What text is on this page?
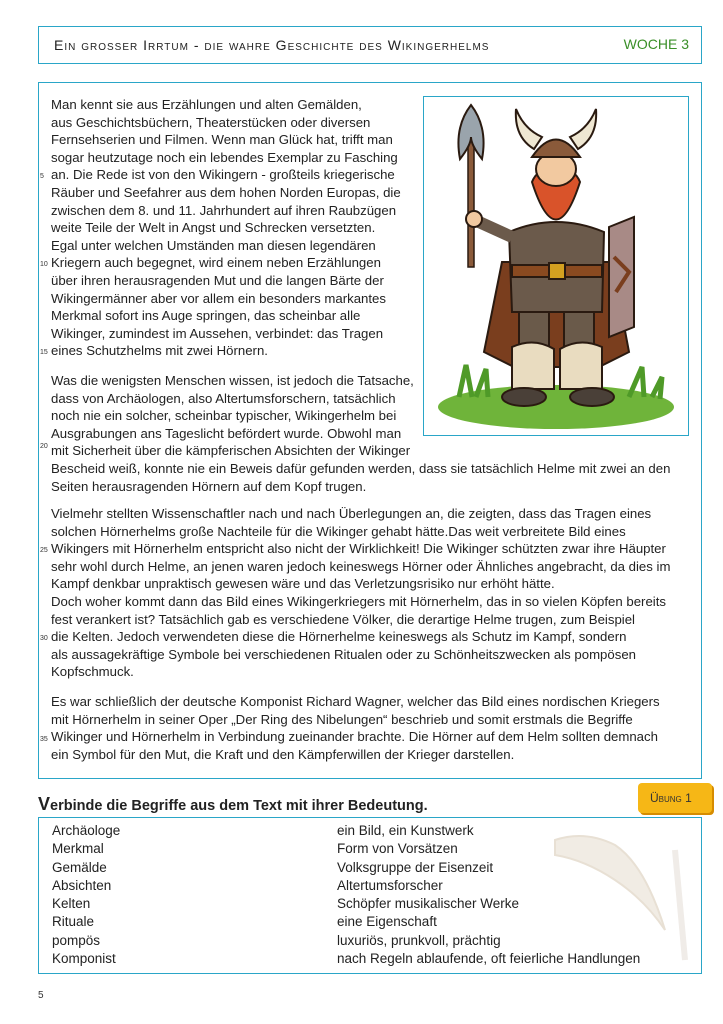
Ein grosser Irrtum - die wahre Geschichte des Wikingerhelms	WOCHE 3
Man kennt sie aus Erzählungen und alten Gemälden,
aus Geschichtsbüchern, Theaterstücken oder diversen
Fernsehserien und Filmen. Wenn man Glück hat, trifft man
sogar heutzutage noch ein lebendes Exemplar zu Fasching
an. Die Rede ist von den Wikingern - großteils kriegerische
Räuber und Seefahrer aus dem hohen Norden Europas, die
zwischen dem 8. und 11. Jahrhundert auf ihren Raubzügen
weite Teile der Welt in Angst und Schrecken versetzten.
Egal unter welchen Umständen man diesen legendären
Kriegern auch begegnet, wird einem neben Erzählungen
über ihren herausragenden Mut und die langen Bärte der
Wikingermänner aber vor allem ein besonders markantes
Merkmal sofort ins Auge springen, das scheinbar alle
Wikinger, zumindest im Aussehen, verbindet: das Tragen
eines Schutzhelms mit zwei Hörnern.
Was die wenigsten Menschen wissen, ist jedoch die Tatsache,
dass von Archäologen, also Altertumsforschern, tatsächlich
noch nie ein solcher, scheinbar typischer, Wikingerhelm bei
Ausgrabungen ans Tageslicht befördert wurde. Obwohl man
mit Sicherheit über die kämpferischen Absichten der Wikinger
Bescheid weiß, konnte nie ein Beweis dafür gefunden werden, dass sie tatsächlich Helme mit zwei an den
Seiten herausragenden Hörnern auf dem Kopf trugen.
Vielmehr stellten Wissenschaftler nach und nach Überlegungen an, die zeigten, dass das Tragen eines
solchen Hörnerhelms große Nachteile für die Wikinger gehabt hätte.Das weit verbreitete Bild eines
Wikingers mit Hörnerhelm entspricht also nicht der Wirklichkeit! Die Wikinger schützten zwar ihre Häupter
sehr wohl durch Helme, an jenen waren jedoch keineswegs Hörner oder Ähnliches angebracht, da dies im
Kampf denkbar unpraktisch gewesen wäre und das Verletzungsrisiko nur erhöht hätte.
Doch woher kommt dann das Bild eines Wikingerkriegers mit Hörnerhelm, das in so vielen Köpfen bereits
fest verankert ist? Tatsächlich gab es verschiedene Völker, die derartige Helme trugen, zum Beispiel
die Kelten. Jedoch verwendeten diese die Hörnerhelme keineswegs als Schutz im Kampf, sondern
als aussagekräftige Symbole bei verschiedenen Ritualen oder zu Schönheitszwecken als pompösen
Kopfschmuck.
Es war schließlich der deutsche Komponist Richard Wagner, welcher das Bild eines nordischen Kriegers
mit Hörnerhelm in seiner Oper „Der Ring des Nibelungen“ beschrieb und somit erstmals die Begriffe
Wikinger und Hörnerhelm in Verbindung zueinander brachte. Die Hörner auf dem Helm sollten demnach
ein Symbol für den Mut, die Kraft und den Kämpferwillen der Krieger darstellen.
5
10
15
20
25
30
35
Verbinde die Begriffe aus dem Text mit ihrer Bedeutung.	Übung 1
Archäologe
Merkmal
Gemälde
Absichten
Kelten
Rituale
pompös
Komponist
ein Bild, ein Kunstwerk
Form von Vorsätzen
Volksgruppe der Eisenzeit
Altertumsforscher
Schöpfer musikalischer Werke
eine Eigenschaft
luxuriös, prunkvoll, prächtig
nach Regeln ablaufende, oft feierliche Handlungen
5
